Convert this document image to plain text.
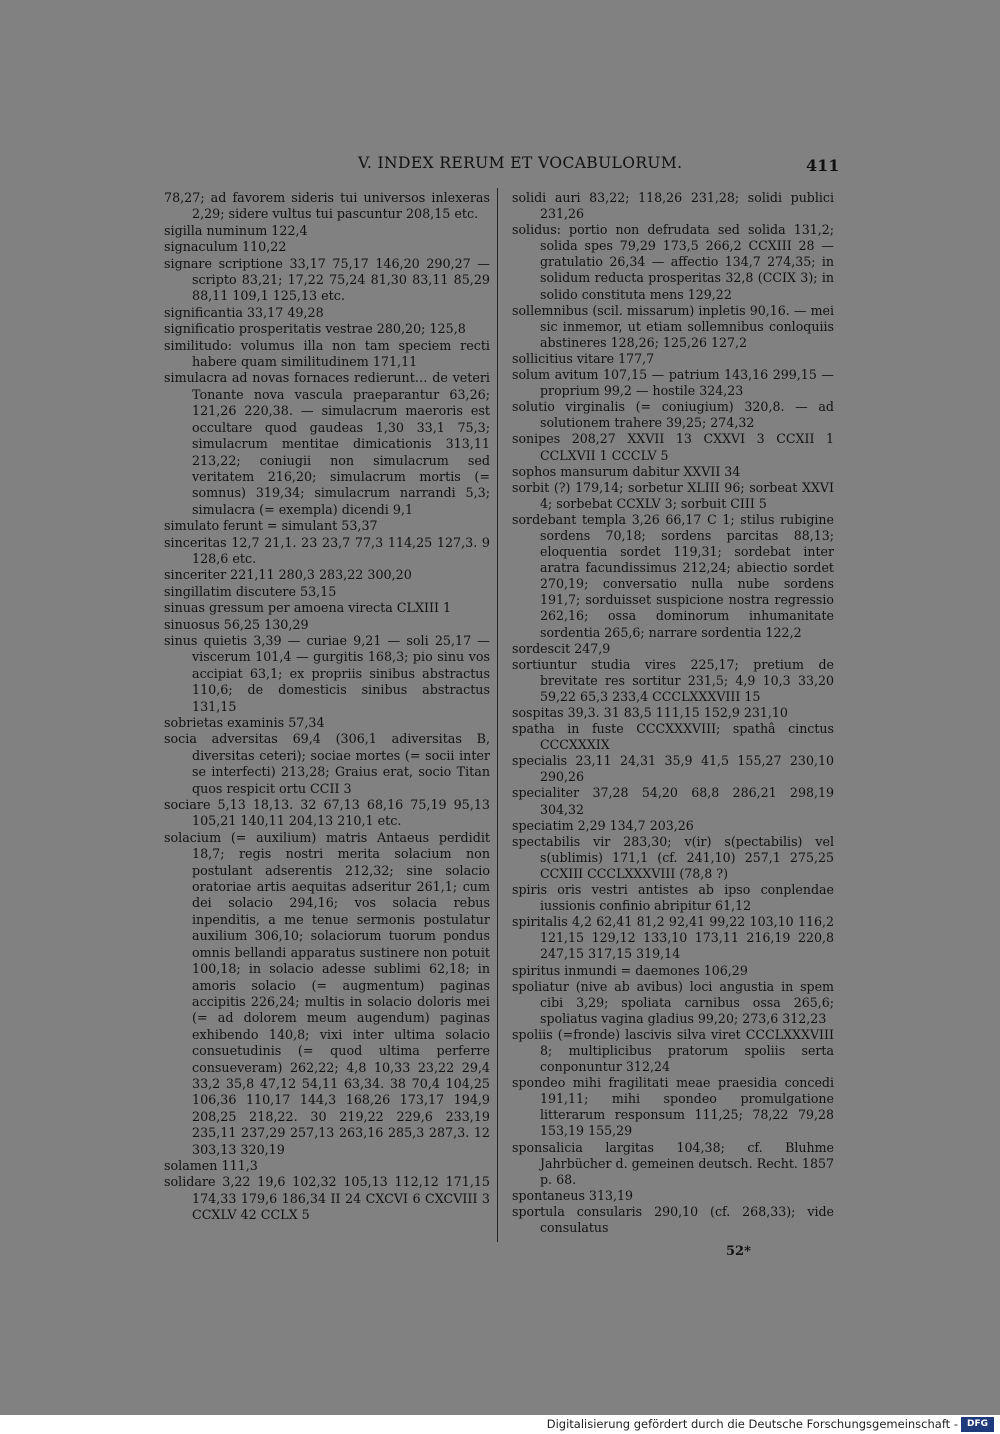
V. INDEX RERUM ET VOCABULORUM.	411

78,27; ad favorem sideris tui universos inlexeras 2,29; sidere vultus tui pascuntur 208,15 etc.

sigilla numinum 122,4

signaculum 110,22

signare scriptione 33,17 75,17 146,20 290,27 — scripto 83,21; 17,22 75,24 81,30 83,11 85,29 88,11 109,1 125,13 etc.

significantia 33,17 49,28

significatio prosperitatis vestrae 280,20; 125,8

similitudo: volumus illa non tam speciem recti habere quam similitudinem 171,11

simulacra ad novas fornaces redierunt… de veteri Tonante nova vascula praeparantur 63,26; 121,26 220,38. — simulacrum maeroris est occultare quod gaudeas 1,30 33,1 75,3; simulacrum mentitae dimicationis 313,11 213,22; coniugii non simulacrum sed veritatem 216,20; simulacrum mortis (= somnus) 319,34; simulacrum narrandi 5,3; simulacra (= exempla) dicendi 9,1

simulato ferunt = simulant 53,37

sinceritas 12,7 21,1. 23 23,7 77,3 114,25 127,3. 9 128,6 etc.

sinceriter 221,11 280,3 283,22 300,20

singillatim discutere 53,15

sinuas gressum per amoena virecta CLXIII 1

sinuosus 56,25 130,29

sinus quietis 3,39 — curiae 9,21 — soli 25,17 — viscerum 101,4 — gurgitis 168,3; pio sinu vos accipiat 63,1; ex propriis sinibus abstractus 110,6; de domesticis sinibus abstractus 131,15

sobrietas examinis 57,34

socia adversitas 69,4 (306,1 adiversitas B, diversitas ceteri); sociae mortes (= socii inter se interfecti) 213,28; Graius erat, socio Titan quos respicit ortu CCII 3

sociare 5,13 18,13. 32 67,13 68,16 75,19 95,13 105,21 140,11 204,13 210,1 etc.

solacium (= auxilium) matris Antaeus perdidit 18,7; regis nostri merita solacium non postulant adserentis 212,32; sine solacio oratoriae artis aequitas adseritur 261,1; cum dei solacio 294,16; vos solacia rebus inpenditis, a me tenue sermonis postulatur auxilium 306,10; solaciorum tuorum pondus omnis bellandi apparatus sustinere non potuit 100,18; in solacio adesse sublimi 62,18; in amoris solacio (= augmentum) paginas accipitis 226,24; multis in solacio doloris mei (= ad dolorem meum augendum) paginas exhibendo 140,8; vixi inter ultima solacio consuetudinis (= quod ultima perferre consueveram) 262,22; 4,8 10,33 23,22 29,4 33,2 35,8 47,12 54,11 63,34. 38 70,4 104,25 106,36 110,17 144,3 168,26 173,17 194,9 208,25 218,22. 30 219,22 229,6 233,19 235,11 237,29 257,13 263,16 285,3 287,3. 12 303,13 320,19

solamen 111,3

solidare 3,22 19,6 102,32 105,13 112,12 171,15 174,33 179,6 186,34 II 24 CXCVI 6 CXCVIII 3 CCXLV 42 CCLX 5

solidi auri 83,22; 118,26 231,28; solidi publici 231,26

solidus: portio non defrudata sed solida 131,2; solida spes 79,29 173,5 266,2 CCXIII 28 — gratulatio 26,34 — affectio 134,7 274,35; in solidum reducta prosperitas 32,8 (CCIX 3); in solido constituta mens 129,22

sollemnibus (scil. missarum) inpletis 90,16. — mei sic inmemor, ut etiam sollemnibus conloquiis abstineres 128,26; 125,26 127,2

sollicitius vitare 177,7

solum avitum 107,15 — patrium 143,16 299,15 — proprium 99,2 — hostile 324,23

solutio virginalis (= coniugium) 320,8. — ad solutionem trahere 39,25; 274,32

sonipes 208,27 XXVII 13 CXXVI 3 CCXII 1 CCLXVII 1 CCCLV 5

sophos mansurum dabitur XXVII 34

sorbit (?) 179,14; sorbetur XLIII 96; sorbeat XXVI 4; sorbebat CCXLV 3; sorbuit CIII 5

sordebant templa 3,26 66,17 C 1; stilus rubigine sordens 70,18; sordens parcitas 88,13; eloquentia sordet 119,31; sordebat inter aratra facundissimus 212,24; abiectio sordet 270,19; conversatio nulla nube sordens 191,7; sorduisset suspicione nostra regressio 262,16; ossa dominorum inhumanitate sordentia 265,6; narrare sordentia 122,2

sordescit 247,9

sortiuntur studia vires 225,17; pretium de brevitate res sortitur 231,5; 4,9 10,3 33,20 59,22 65,3 233,4 CCCLXXXVIII 15

sospitas 39,3. 31 83,5 111,15 152,9 231,10

spatha in fuste CCCXXXVIII; spathâ cinctus CCCXXXIX

specialis 23,11 24,31 35,9 41,5 155,27 230,10 290,26

specialiter 37,28 54,20 68,8 286,21 298,19 304,32

speciatim 2,29 134,7 203,26

spectabilis vir 283,30; v(ir) s(pectabilis) vel s(ublimis) 171,1 (cf. 241,10) 257,1 275,25 CCXIII CCCLXXXVIII (78,8 ?)

spiris oris vestri antistes ab ipso conplendae iussionis confinio abripitur 61,12

spiritalis 4,2 62,41 81,2 92,41 99,22 103,10 116,2 121,15 129,12 133,10 173,11 216,19 220,8 247,15 317,15 319,14

spiritus inmundi = daemones 106,29

spoliatur (nive ab avibus) loci angustia in spem cibi 3,29; spoliata carnibus ossa 265,6; spoliatus vagina gladius 99,20; 273,6 312,23

spoliis (=fronde) lascivis silva viret CCCLXXXVIII 8; multiplicibus pratorum spoliis serta conponuntur 312,24

spondeo mihi fragilitati meae praesidia concedi 191,11; mihi spondeo promulgatione litterarum responsum 111,25; 78,22 79,28 153,19 155,29

sponsalicia largitas 104,38; cf. Bluhme Jahrbücher d. gemeinen deutsch. Recht. 1857 p. 68.

spontaneus 313,19

sportula consularis 290,10 (cf. 268,33); vide consulatus

52*
Digitalisierung gefördert durch die Deutsche Forschungsgemeinschaft -
DFG
